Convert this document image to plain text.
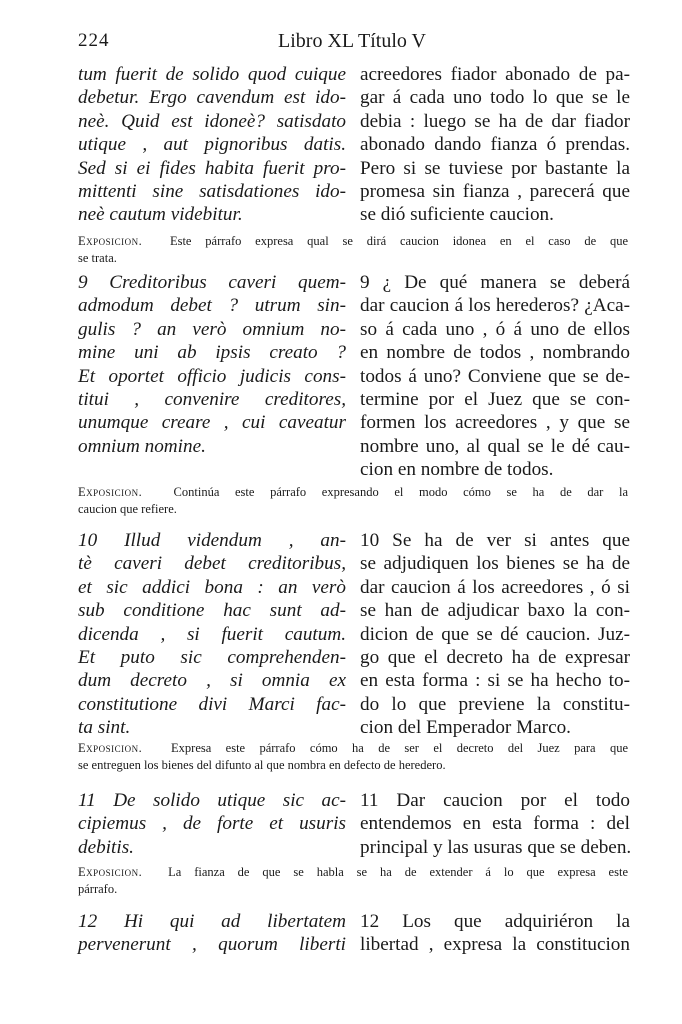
224	Libro XL Título V
tum fuerit de solido quod cuique
debetur. Ergo cavendum est ido-
neè. Quid est idoneè? satisdato
utique , aut pignoribus datis.
Sed si ei fides habita fuerit pro-
mittenti sine satisdationes ido-
neè cautum videbitur.
acreedores fiador abonado de pa-
gar á cada uno todo lo que se le
debia : luego se ha de dar fiador
abonado dando fianza ó prendas.
Pero si se tuviese por bastante la
promesa sin fianza , parecerá que
se dió suficiente caucion.
Exposicion. Este párrafo expresa qual se dirá caucion idonea en el caso de que
se trata.
9 Creditoribus caveri quem-
admodum debet ? utrum sin-
gulis ? an verò omnium no-
mine uni ab ipsis creato ?
Et oportet officio judicis cons-
titui , convenire creditores,
unumque creare , cui caveatur
omnium nomine.
9 ¿ De qué manera se deberá
dar caucion á los herederos? ¿Aca-
so á cada uno , ó á uno de ellos
en nombre de todos , nombrando
todos á uno? Conviene que se de-
termine por el Juez que se con-
formen los acreedores , y que se
nombre uno, al qual se le dé cau-
cion en nombre de todos.
Exposicion.	Continúa este párrafo expresando el modo cómo se ha de dar la
caucion que refiere.
10 Illud videndum , an-
tè caveri debet creditoribus,
et sic addici bona : an verò
sub conditione hac sunt ad-
dicenda , si fuerit cautum.
Et puto sic comprehenden-
dum decreto , si omnia ex
constitutione divi Marci fac-
ta sint.
10 Se ha de ver si antes que
se adjudiquen los bienes se ha de
dar caucion á los acreedores , ó si
se han de adjudicar baxo la con-
dicion de que se dé caucion. Juz-
go que el decreto ha de expresar
en esta forma : si se ha hecho to-
do lo que previene la constitu-
cion del Emperador Marco.
Exposicion. Expresa este párrafo cómo ha de ser el decreto del Juez para que
se entreguen los bienes del difunto al que nombra en defecto de heredero.
11 De solido utique sic ac-
cipiemus , de forte et usuris
debitis.
11 Dar caucion por el todo
entendemos en esta forma : del
principal y las usuras que se deben.
Exposicion. La fianza de que se habla se ha de extender á lo que expresa este
párrafo.
12 Hi qui ad libertatem
pervenerunt , quorum liberti
12 Los que adquiriéron la
libertad , expresa la constitucion
